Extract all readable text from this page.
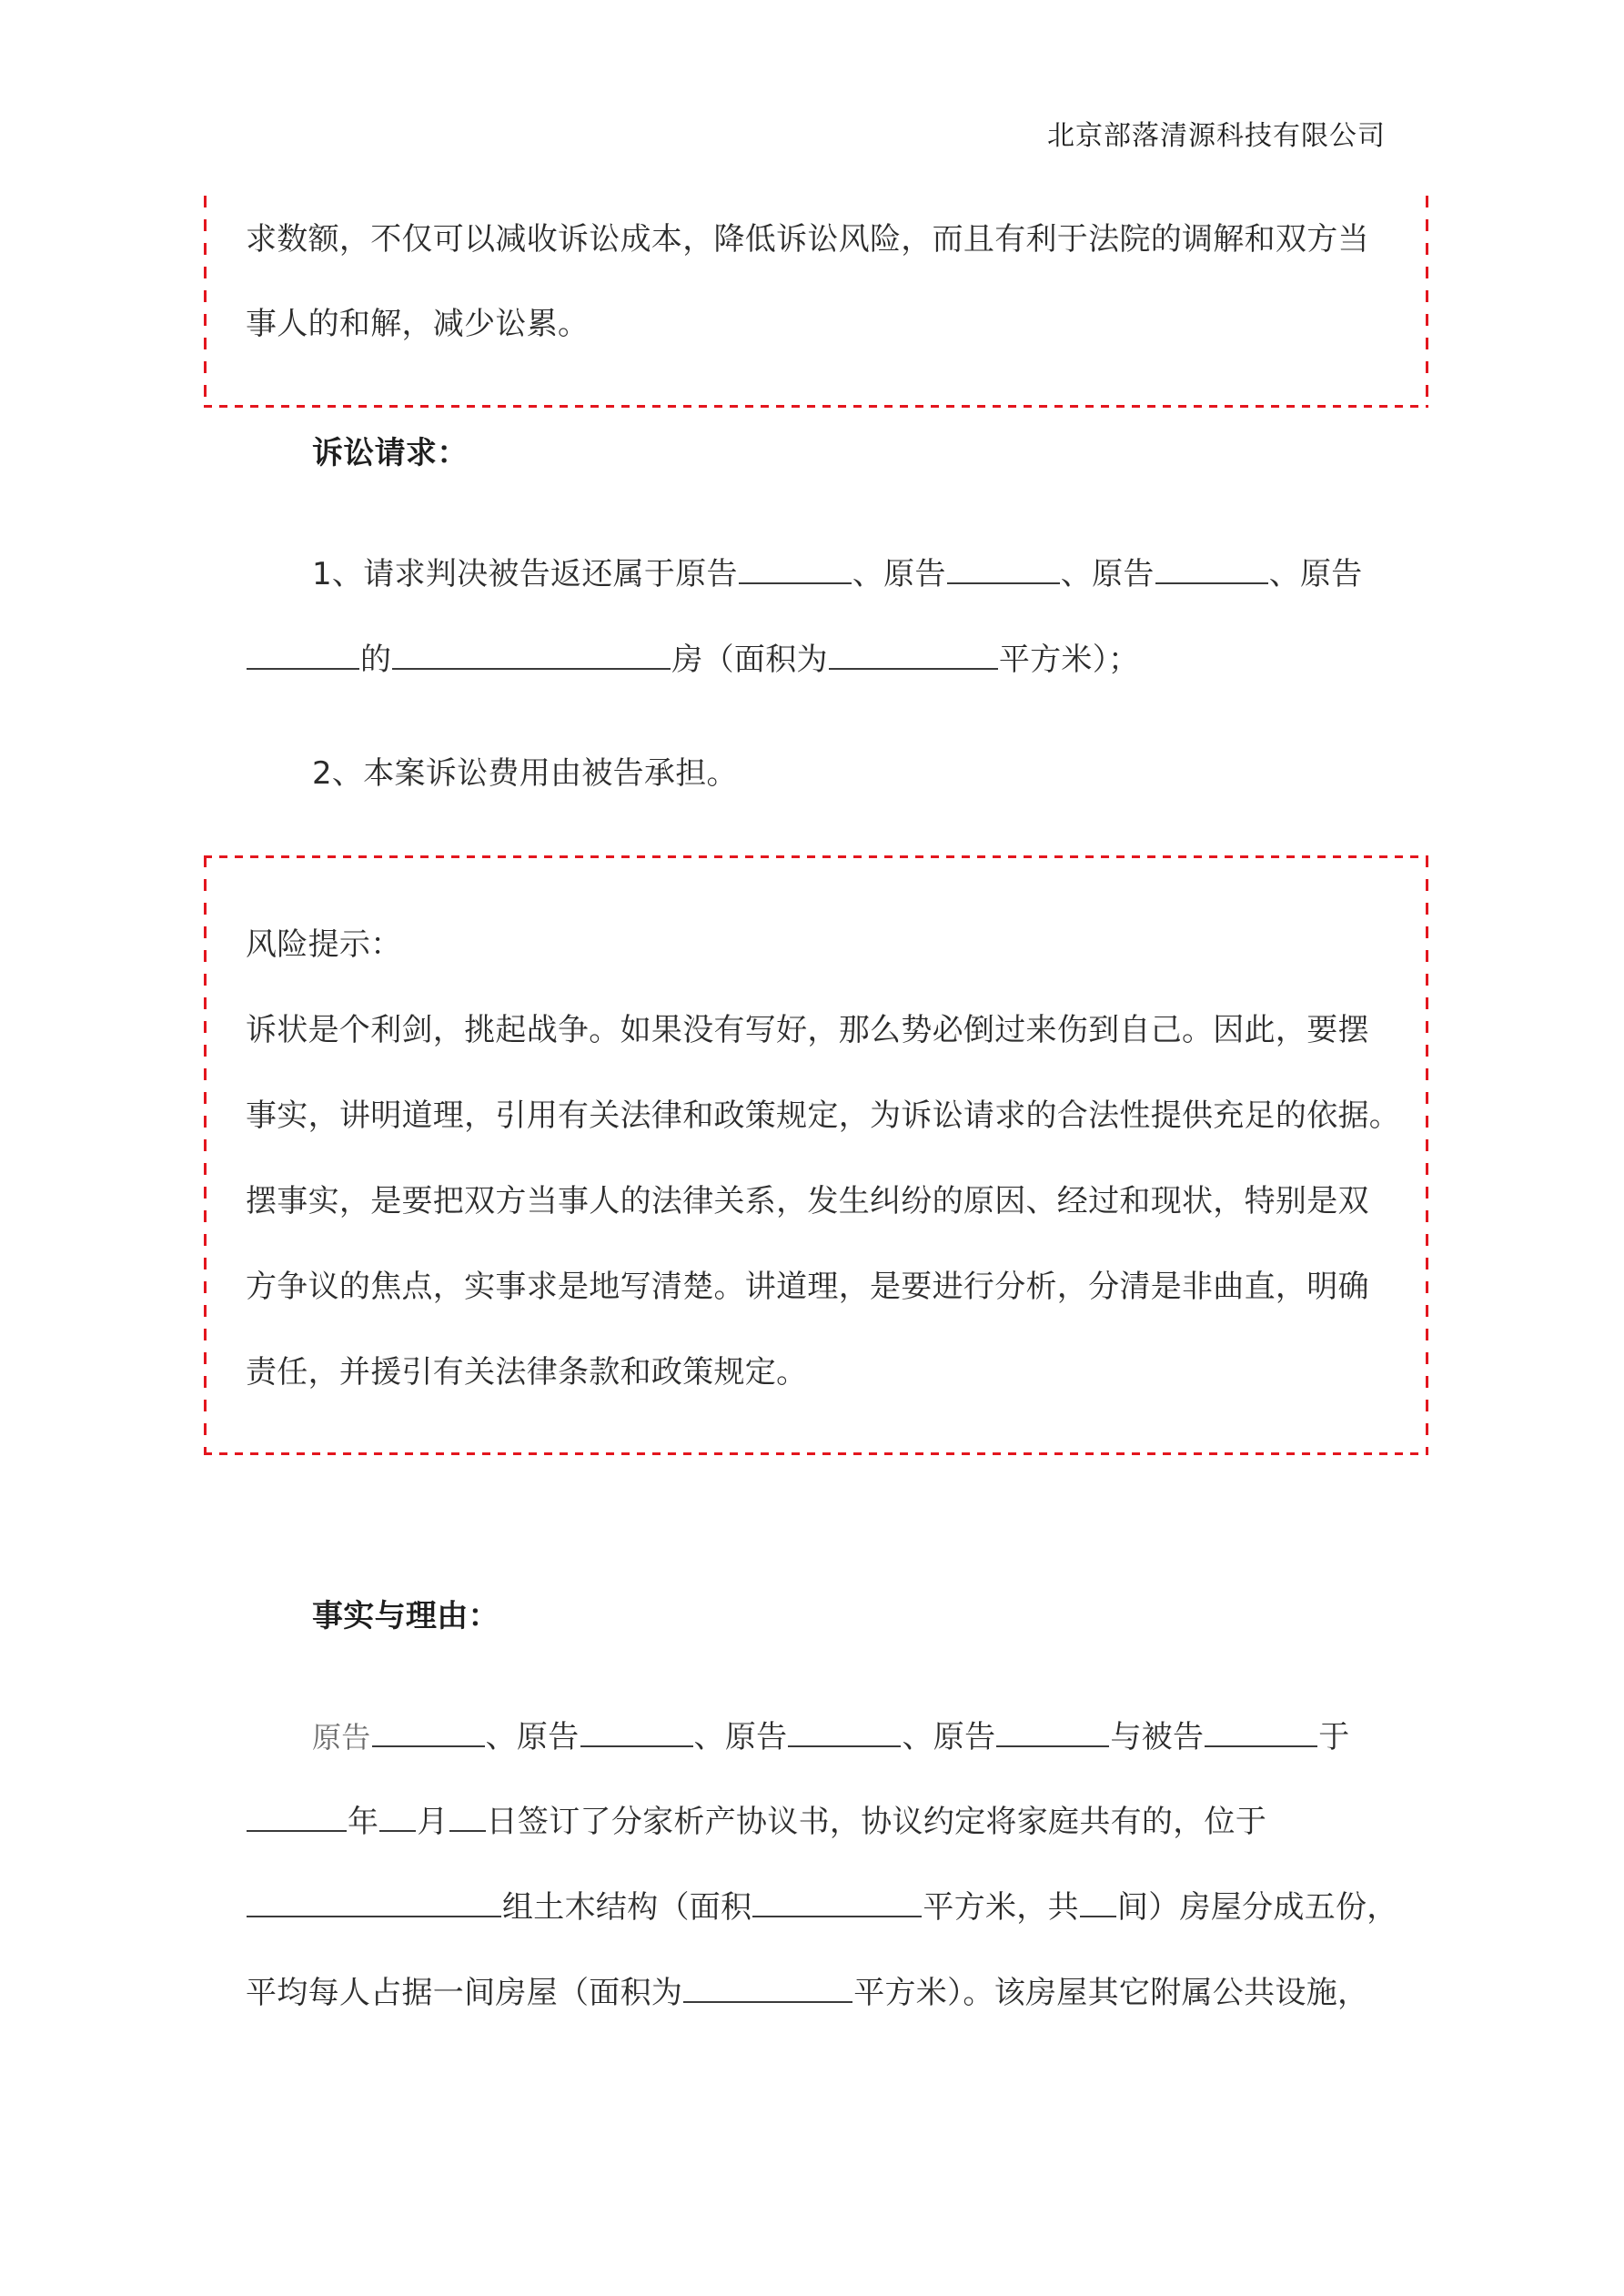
北京部落清源科技有限公司
求数额，不仅可以减收诉讼成本，降低诉讼风险，而且有利于法院的调解和双方当
事人的和解，减少讼累。
诉讼请求：
1、请求判决被告返还属于原告	、原告	、原告	、原告
的	房（面积为	平方米）；
2、本案诉讼费用由被告承担。
风险提示：
诉状是个利剑，挑起战争。如果没有写好，那么势必倒过来伤到自己。因此，要摆
事实，讲明道理，引用有关法律和政策规定，为诉讼请求的合法性提供充足的依据。
摆事实，是要把双方当事人的法律关系，发生纠纷的原因、经过和现状，特别是双
方争议的焦点，实事求是地写清楚。讲道理，是要进行分析，分清是非曲直，明确
责任，并援引有关法律条款和政策规定。
事实与理由：
原告	、原告	、原告	、原告	与被告	于
年 月 日签订了分家析产协议书，协议约定将家庭共有的，位于
组土木结构（面积	平方米，共 间）房屋分成五份，
平均每人占据一间房屋（面积为	平方米）。该房屋其它附属公共设施，
